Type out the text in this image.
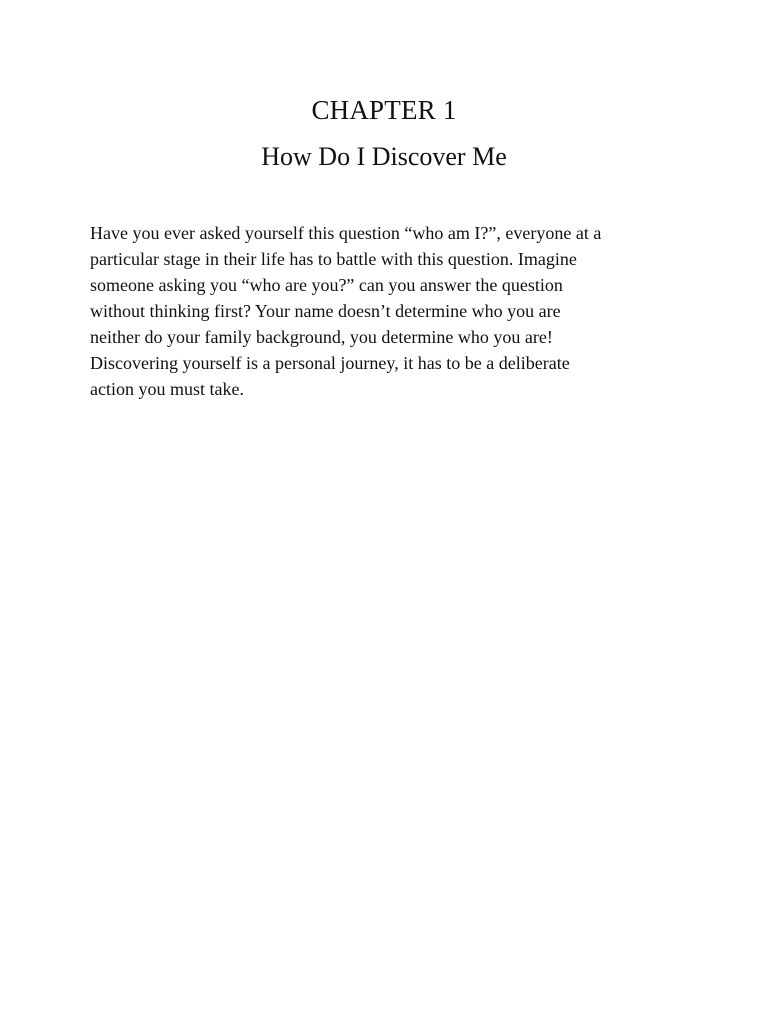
CHAPTER 1
How Do I Discover Me

Have you ever asked yourself this question “who am I?”, everyone at a
particular stage in their life has to battle with this question. Imagine
someone asking you “who are you?” can you answer the question
without thinking first? Your name doesn’t determine who you are
neither do your family background, you determine who you are!
Discovering yourself is a personal journey, it has to be a deliberate
action you must take.
